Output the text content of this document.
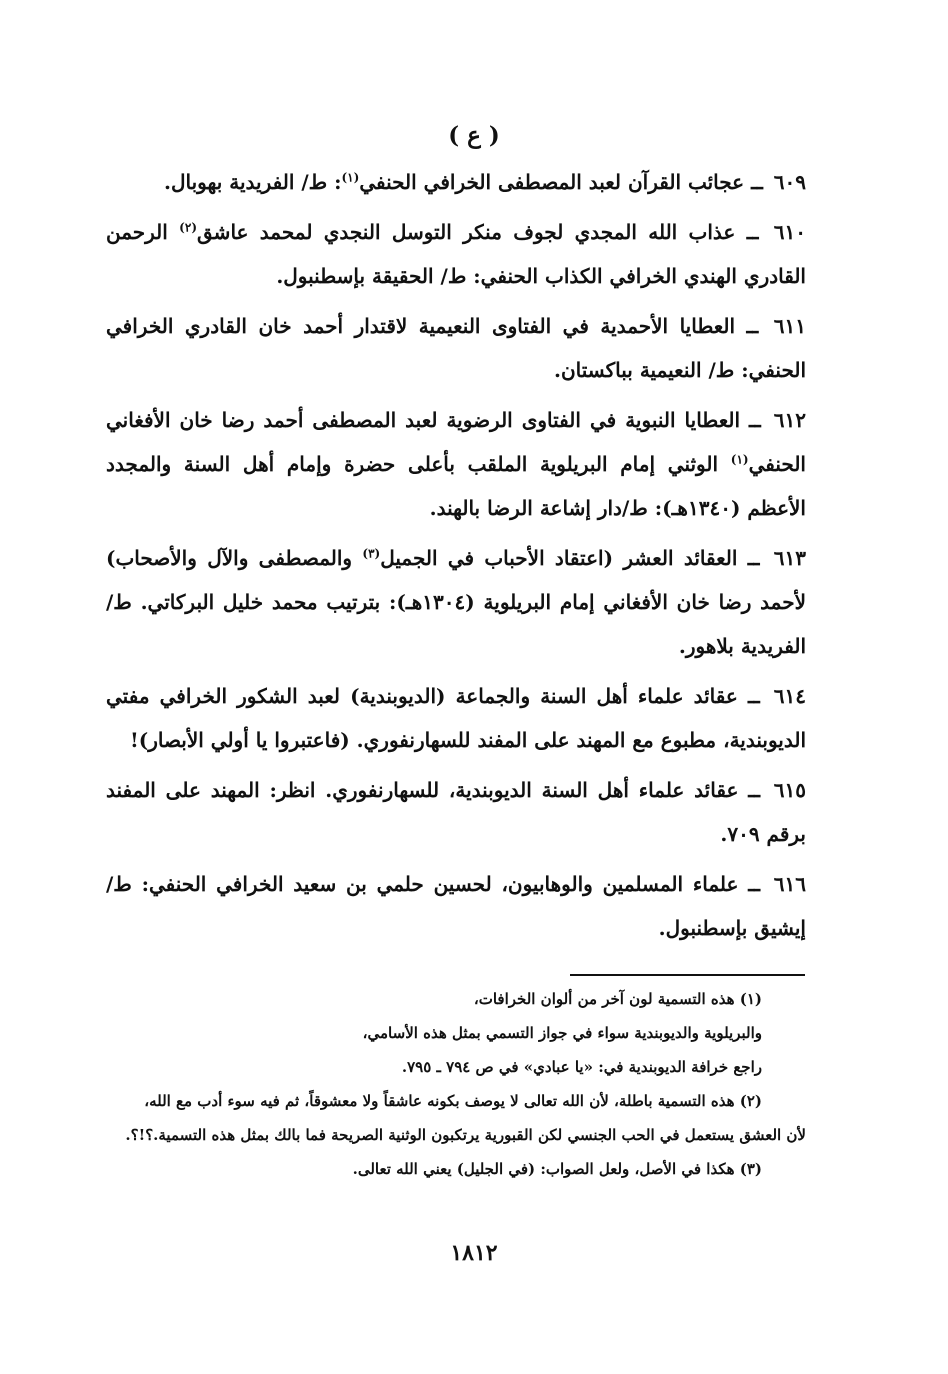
( ع )

٦٠٩ ــ عجائب القرآن لعبد المصطفى الخرافي الحنفي$^{(١)}$: ط/ الفريدية بهوبال.

٦١٠ ــ عذاب الله المجدي لجوف منكر التوسل النجدي لمحمد عاشق$^{(٢)}$ الرحمن القادري الهندي الخرافي الكذاب الحنفي: ط/ الحقيقة بإسطنبول.

٦١١ ــ العطايا الأحمدية في الفتاوى النعيمية لاقتدار أحمد خان القادري الخرافي الحنفي: ط/ النعيمية بباكستان.

٦١٢ ــ العطايا النبوية في الفتاوى الرضوية لعبد المصطفى أحمد رضا خان الأفغاني الحنفي$^{(١)}$ الوثني إمام البريلوية الملقب بأعلى حضرة وإمام أهل السنة والمجدد الأعظم (١٣٤٠هـ): ط/دار إشاعة الرضا بالهند.

٦١٣ ــ العقائد العشر (اعتقاد الأحباب في الجميل$^{(٣)}$ والمصطفى والآل والأصحاب) لأحمد رضا خان الأفغاني إمام البريلوية (١٣٠٤هـ): بترتيب محمد خليل البركاتي. ط/ الفريدية بلاهور.

٦١٤ ــ عقائد علماء أهل السنة والجماعة (الديوبندية) لعبد الشكور الخرافي مفتي الديوبندية، مطبوع مع المهند على المفند للسهارنفوري. (فاعتبروا يا أولي الأبصار)!

٦١٥ ــ عقائد علماء أهل السنة الديوبندية، للسهارنفوري. انظر: المهند على المفند برقم ٧٠٩.

٦١٦ ــ علماء المسلمين والوهابيون، لحسين حلمي بن سعيد الخرافي الحنفي: ط/ إيشيق بإسطنبول.

(١) هذه التسمية لون آخر من ألوان الخرافات،

والبريلوية والديوبندية سواء في جواز التسمي بمثل هذه الأسامي،

راجع خرافة الديوبندية في: «يا عبادي» في ص ٧٩٤ ـ ٧٩٥.

(٢) هذه التسمية باطلة، لأن الله تعالى لا يوصف بكونه عاشقاً ولا معشوقاً، ثم فيه سوء أدب مع الله،

لأن العشق يستعمل في الحب الجنسي لكن القبورية يرتكبون الوثنية الصريحة فما بالك بمثل هذه التسمية.؟!؟.

(٣) هكذا في الأصل، ولعل الصواب: (في الجليل) يعني الله تعالى.

١٨١٢
